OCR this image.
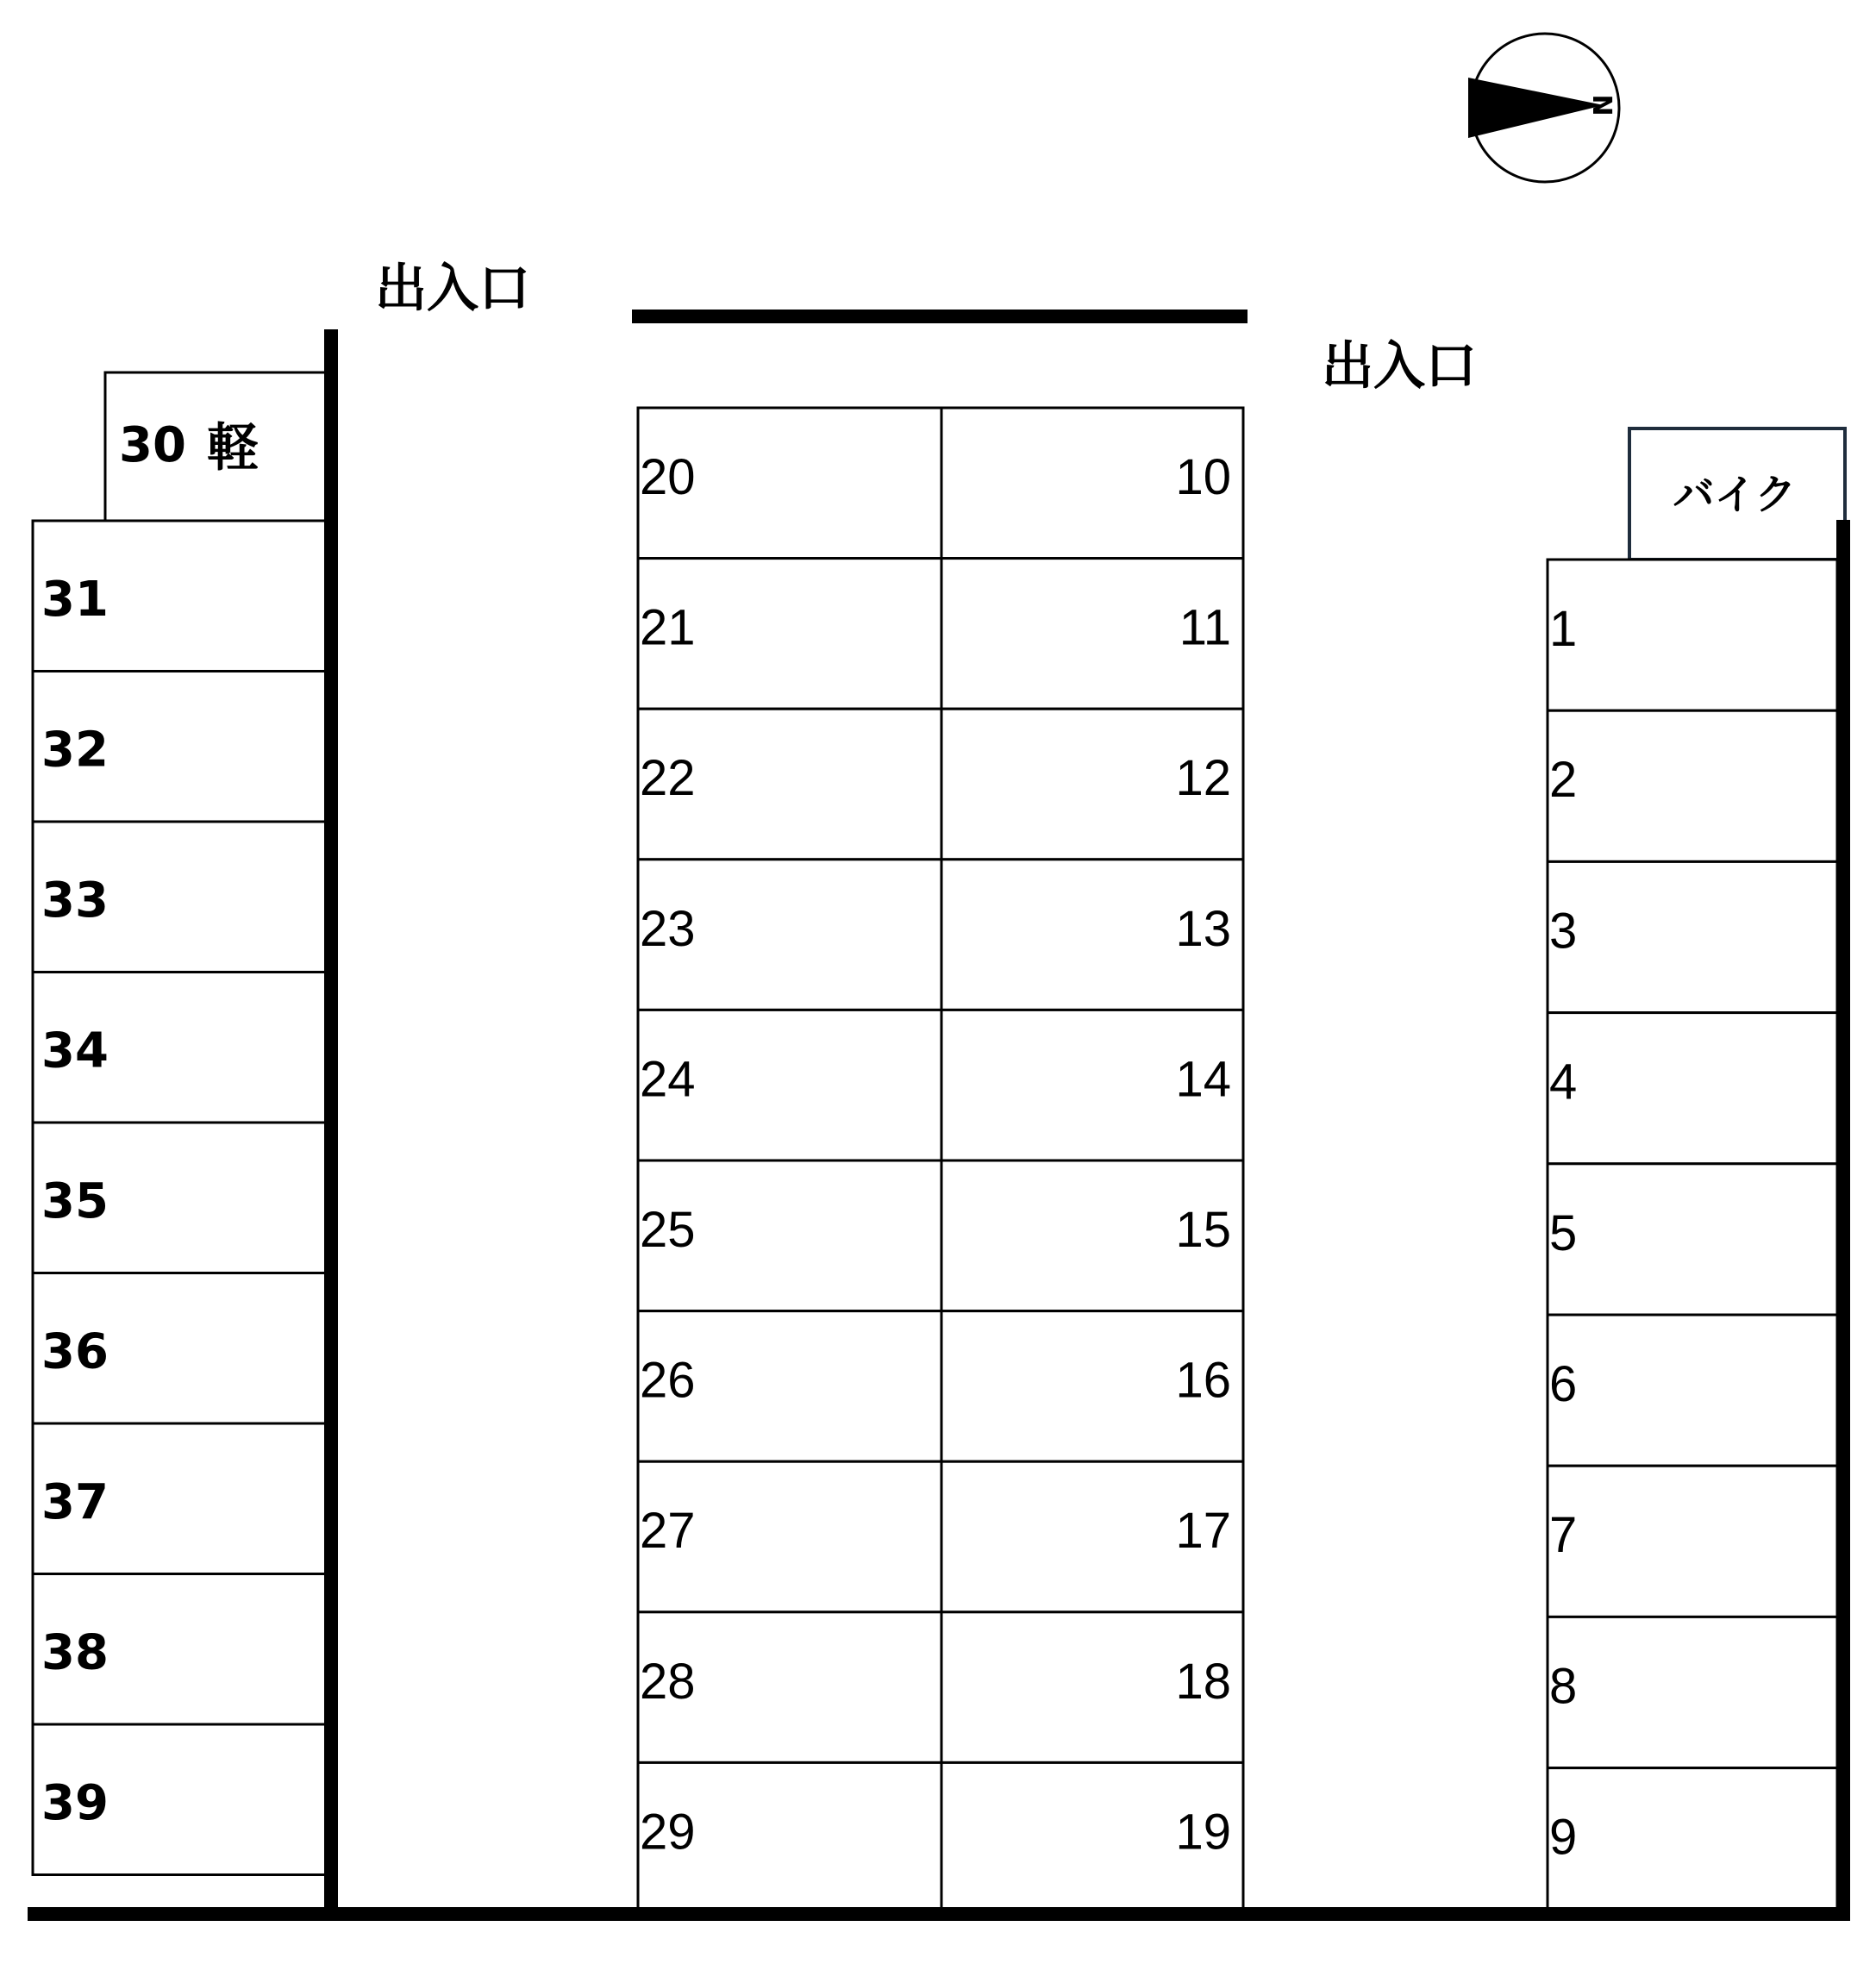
N
出入口
出入口
30 軽
31
32
33
34
35
36
37
38
39
20
21
22
23
24
25
26
27
28
29
10
11
12
13
14
15
16
17
18
19
バイク
1
2
3
4
5
6
7
8
9
